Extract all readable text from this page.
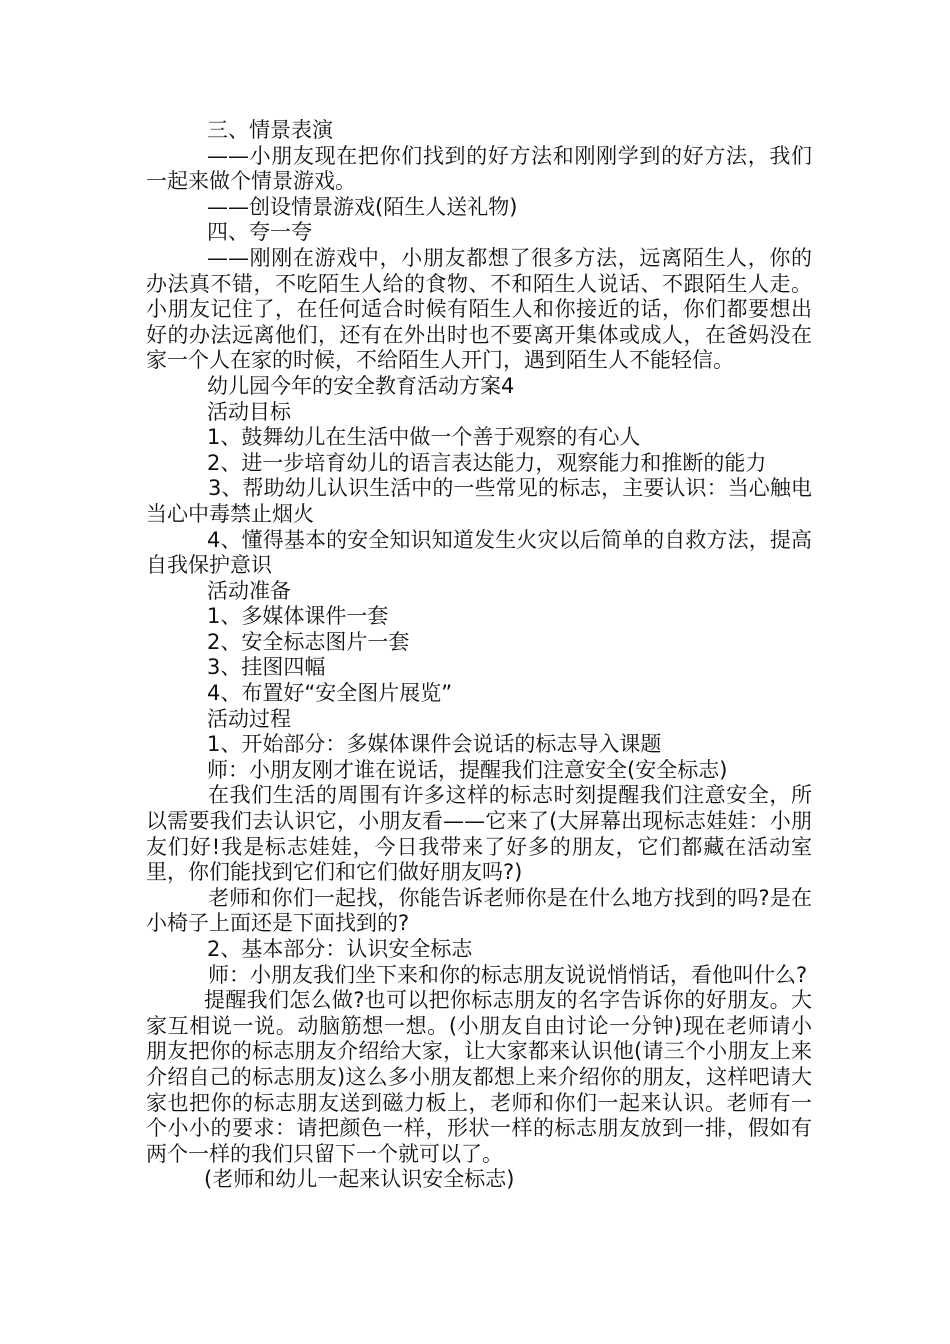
三、情景表演

——小朋友现在把你们找到的好方法和刚刚学到的好方法，我们一起来做个情景游戏。

——创设情景游戏(陌生人送礼物)

四、夸一夸

——刚刚在游戏中，小朋友都想了很多方法，远离陌生人，你的办法真不错，不吃陌生人给的食物、不和陌生人说话、不跟陌生人走。小朋友记住了，在任何适合时候有陌生人和你接近的话，你们都要想出好的办法远离他们，还有在外出时也不要离开集体或成人，在爸妈没在家一个人在家的时候，不给陌生人开门，遇到陌生人不能轻信。

幼儿园今年的安全教育活动方案4

活动目标

1、鼓舞幼儿在生活中做一个善于观察的有心人

2、进一步培育幼儿的语言表达能力，观察能力和推断的能力

3、帮助幼儿认识生活中的一些常见的标志，主要认识：当心触电当心中毒禁止烟火

4、懂得基本的安全知识知道发生火灾以后简单的自救方法，提高自我保护意识

活动准备

1、多媒体课件一套

2、安全标志图片一套

3、挂图四幅

4、布置好“安全图片展览”

活动过程

1、开始部分：多媒体课件会说话的标志导入课题

师：小朋友刚才谁在说话，提醒我们注意安全(安全标志)

在我们生活的周围有许多这样的标志时刻提醒我们注意安全，所以需要我们去认识它，小朋友看——它来了(大屏幕出现标志娃娃：小朋友们好!我是标志娃娃，今日我带来了好多的朋友，它们都藏在活动室里，你们能找到它们和它们做好朋友吗?)

老师和你们一起找，你能告诉老师你是在什么地方找到的吗?是在小椅子上面还是下面找到的?

2、基本部分：认识安全标志

师：小朋友我们坐下来和你的标志朋友说说悄悄话，看他叫什么?

提醒我们怎么做?也可以把你标志朋友的名字告诉你的好朋友。大家互相说一说。动脑筋想一想。(小朋友自由讨论一分钟)现在老师请小朋友把你的标志朋友介绍给大家，让大家都来认识他(请三个小朋友上来介绍自己的标志朋友)这么多小朋友都想上来介绍你的朋友，这样吧请大家也把你的标志朋友送到磁力板上，老师和你们一起来认识。老师有一个小小的要求：请把颜色一样，形状一样的标志朋友放到一排，假如有两个一样的我们只留下一个就可以了。

(老师和幼儿一起来认识安全标志)
